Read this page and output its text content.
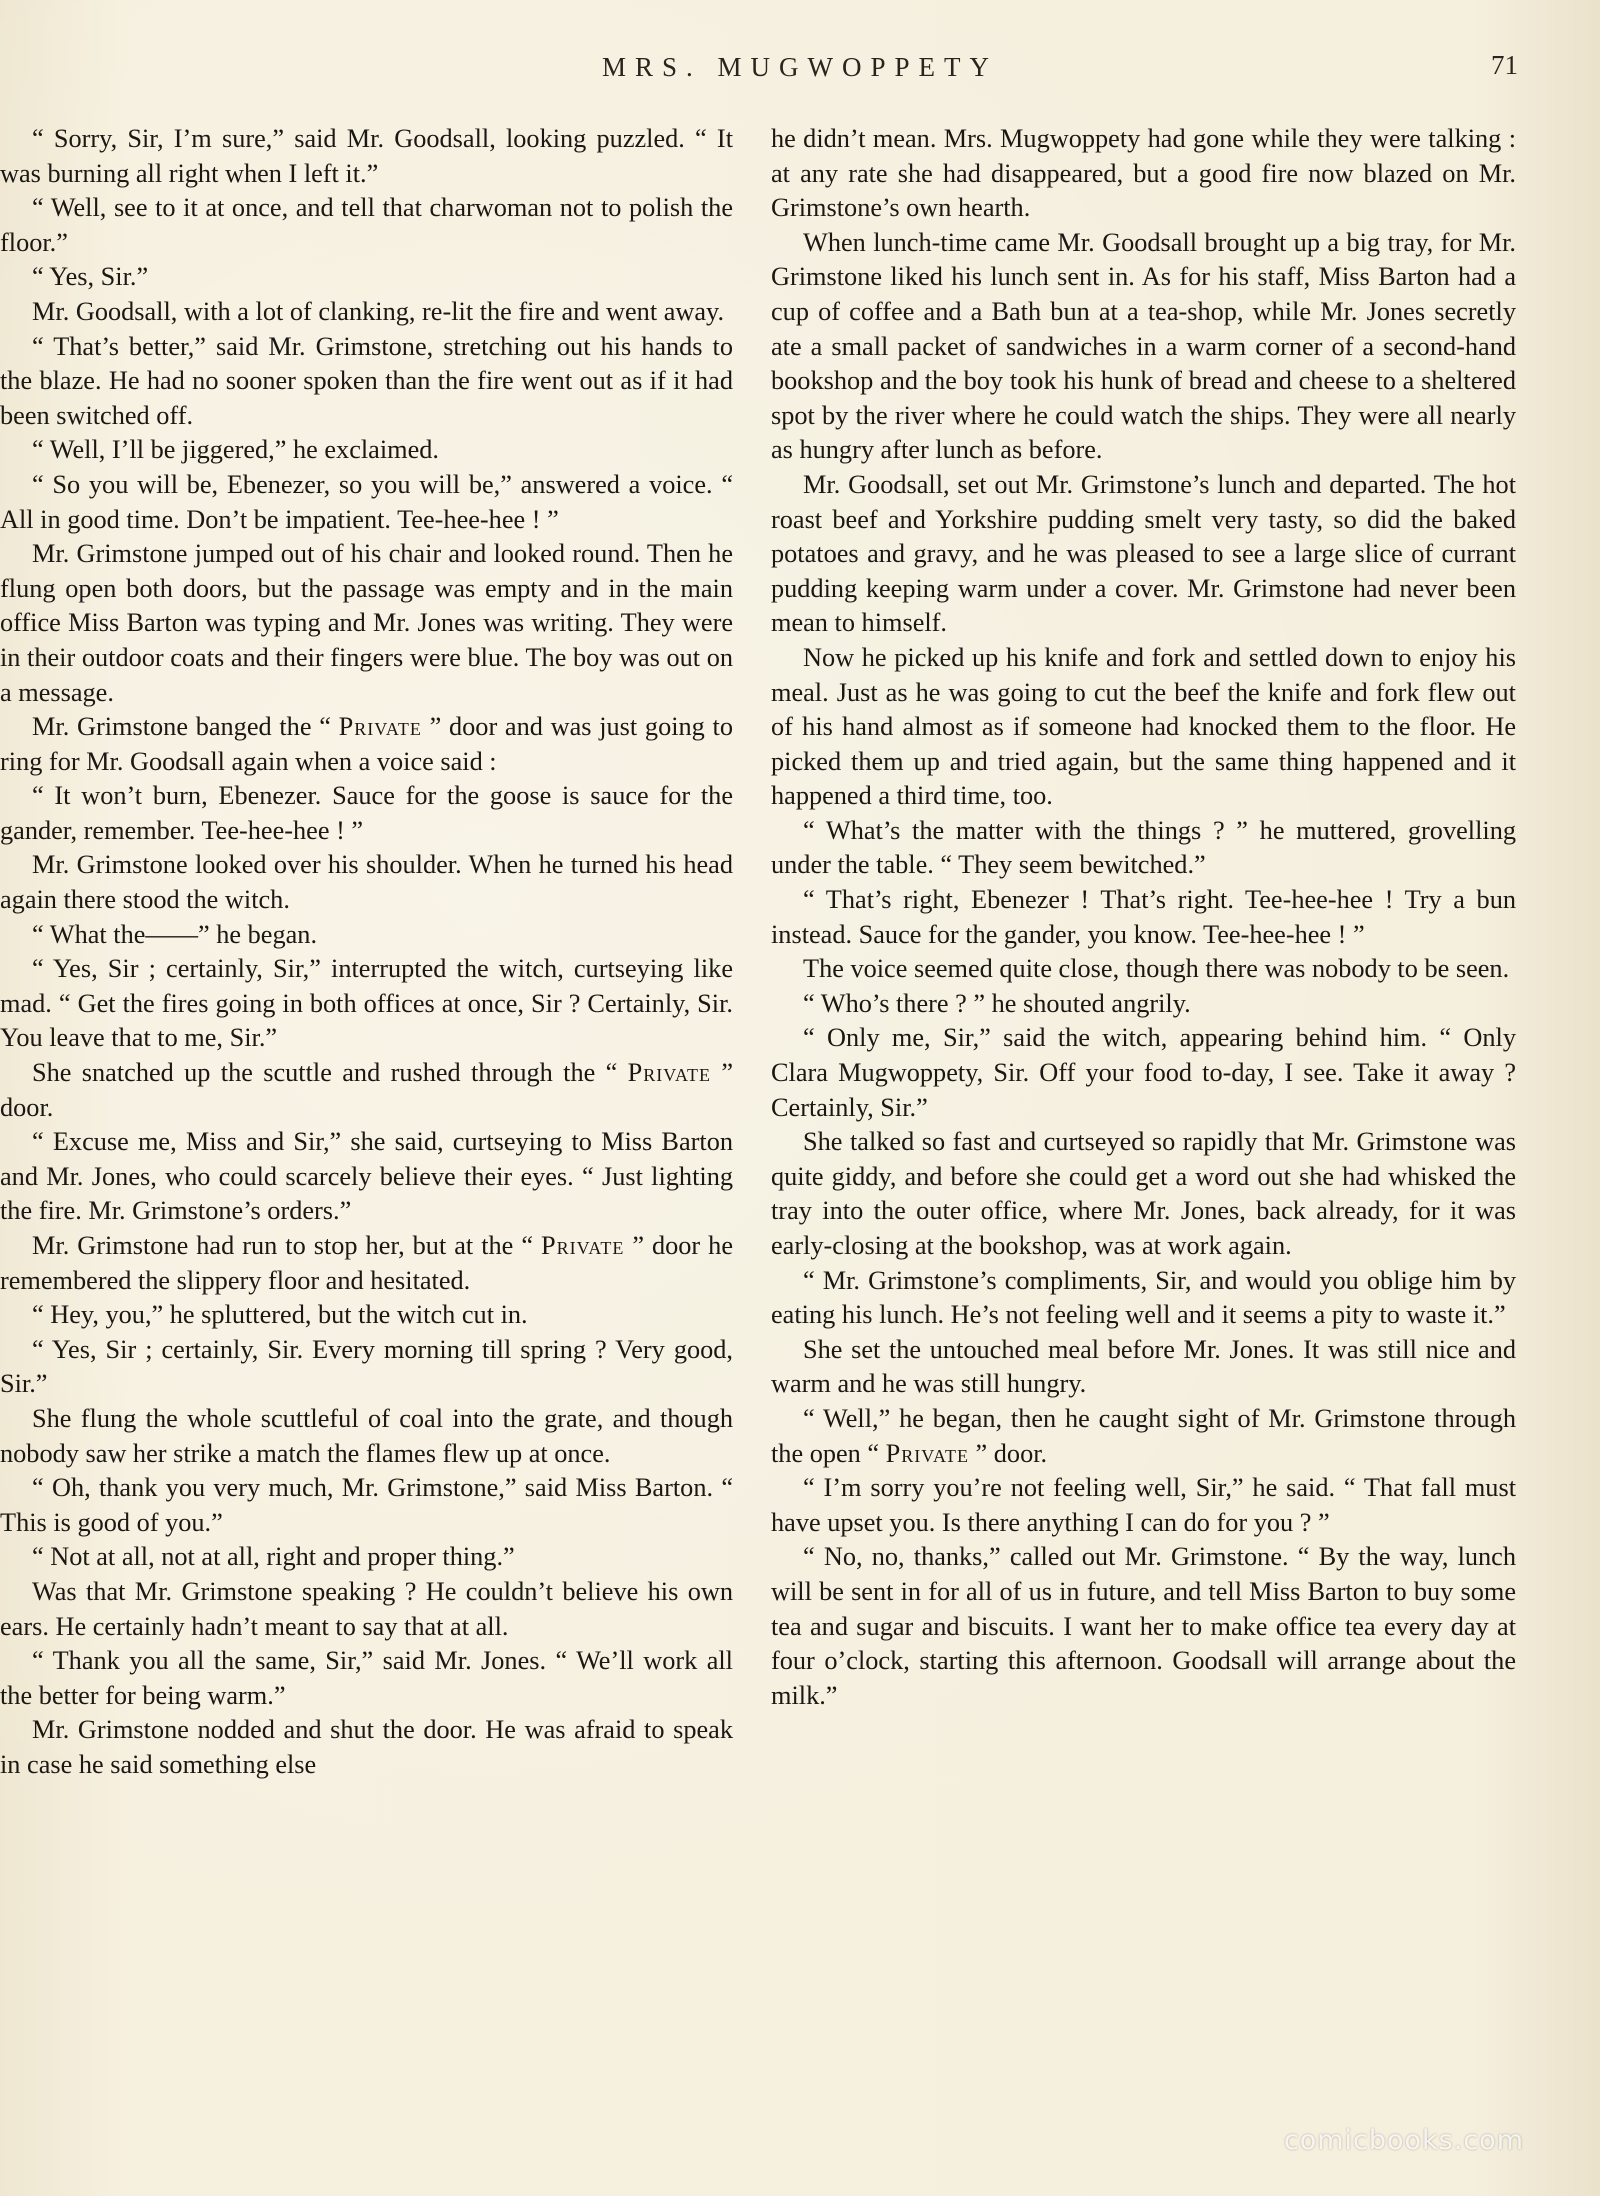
MRS. MUGWOPPETY	71

“ Sorry, Sir, I’m sure,” said Mr. Goodsall, looking puzzled. “ It was burning all right when I left it.”

“ Well, see to it at once, and tell that charwoman not to polish the floor.”

“ Yes, Sir.”

Mr. Goodsall, with a lot of clanking, re-lit the fire and went away.

“ That’s better,” said Mr. Grimstone, stretching out his hands to the blaze. He had no sooner spoken than the fire went out as if it had been switched off.

“ Well, I’ll be jiggered,” he exclaimed.

“ So you will be, Ebenezer, so you will be,” answered a voice. “ All in good time. Don’t be impatient. Tee-hee-hee ! ”

Mr. Grimstone jumped out of his chair and looked round. Then he flung open both doors, but the passage was empty and in the main office Miss Barton was typing and Mr. Jones was writing. They were in their outdoor coats and their fingers were blue. The boy was out on a message.

Mr. Grimstone banged the “ Private ” door and was just going to ring for Mr. Goodsall again when a voice said :

“ It won’t burn, Ebenezer. Sauce for the goose is sauce for the gander, remember. Tee-hee-hee ! ”

Mr. Grimstone looked over his shoulder. When he turned his head again there stood the witch.

“ What the——” he began.

“ Yes, Sir ; certainly, Sir,” interrupted the witch, curtseying like mad. “ Get the fires going in both offices at once, Sir ? Certainly, Sir. You leave that to me, Sir.”

She snatched up the scuttle and rushed through the “ Private ” door.

“ Excuse me, Miss and Sir,” she said, curtseying to Miss Barton and Mr. Jones, who could scarcely believe their eyes. “ Just lighting the fire. Mr. Grimstone’s orders.”

Mr. Grimstone had run to stop her, but at the “ Private ” door he remembered the slippery floor and hesitated.

“ Hey, you,” he spluttered, but the witch cut in.

“ Yes, Sir ; certainly, Sir. Every morning till spring ? Very good, Sir.”

She flung the whole scuttleful of coal into the grate, and though nobody saw her strike a match the flames flew up at once.

“ Oh, thank you very much, Mr. Grimstone,” said Miss Barton. “ This is good of you.”

“ Not at all, not at all, right and proper thing.”

Was that Mr. Grimstone speaking ? He couldn’t believe his own ears. He certainly hadn’t meant to say that at all.

“ Thank you all the same, Sir,” said Mr. Jones. “ We’ll work all the better for being warm.”

Mr. Grimstone nodded and shut the door. He was afraid to speak in case he said something else

he didn’t mean. Mrs. Mugwoppety had gone while they were talking : at any rate she had disappeared, but a good fire now blazed on Mr. Grimstone’s own hearth.

When lunch-time came Mr. Goodsall brought up a big tray, for Mr. Grimstone liked his lunch sent in. As for his staff, Miss Barton had a cup of coffee and a Bath bun at a tea-shop, while Mr. Jones secretly ate a small packet of sandwiches in a warm corner of a second-hand bookshop and the boy took his hunk of bread and cheese to a sheltered spot by the river where he could watch the ships. They were all nearly as hungry after lunch as before.

Mr. Goodsall, set out Mr. Grimstone’s lunch and departed. The hot roast beef and Yorkshire pudding smelt very tasty, so did the baked potatoes and gravy, and he was pleased to see a large slice of currant pudding keeping warm under a cover. Mr. Grimstone had never been mean to himself.

Now he picked up his knife and fork and settled down to enjoy his meal. Just as he was going to cut the beef the knife and fork flew out of his hand almost as if someone had knocked them to the floor. He picked them up and tried again, but the same thing happened and it happened a third time, too.

“ What’s the matter with the things ? ” he muttered, grovelling under the table. “ They seem bewitched.”

“ That’s right, Ebenezer ! That’s right. Tee-hee-hee ! Try a bun instead. Sauce for the gander, you know. Tee-hee-hee ! ”

The voice seemed quite close, though there was nobody to be seen.

“ Who’s there ? ” he shouted angrily.

“ Only me, Sir,” said the witch, appearing behind him. “ Only Clara Mugwoppety, Sir. Off your food to-day, I see. Take it away ? Certainly, Sir.”

She talked so fast and curtseyed so rapidly that Mr. Grimstone was quite giddy, and before she could get a word out she had whisked the tray into the outer office, where Mr. Jones, back already, for it was early-closing at the bookshop, was at work again.

“ Mr. Grimstone’s compliments, Sir, and would you oblige him by eating his lunch. He’s not feeling well and it seems a pity to waste it.”

She set the untouched meal before Mr. Jones. It was still nice and warm and he was still hungry.

“ Well,” he began, then he caught sight of Mr. Grimstone through the open “ Private ” door.

“ I’m sorry you’re not feeling well, Sir,” he said. “ That fall must have upset you. Is there anything I can do for you ? ”

“ No, no, thanks,” called out Mr. Grimstone. “ By the way, lunch will be sent in for all of us in future, and tell Miss Barton to buy some tea and sugar and biscuits. I want her to make office tea every day at four o’clock, starting this afternoon. Goodsall will arrange about the milk.”

comicbooks.com
